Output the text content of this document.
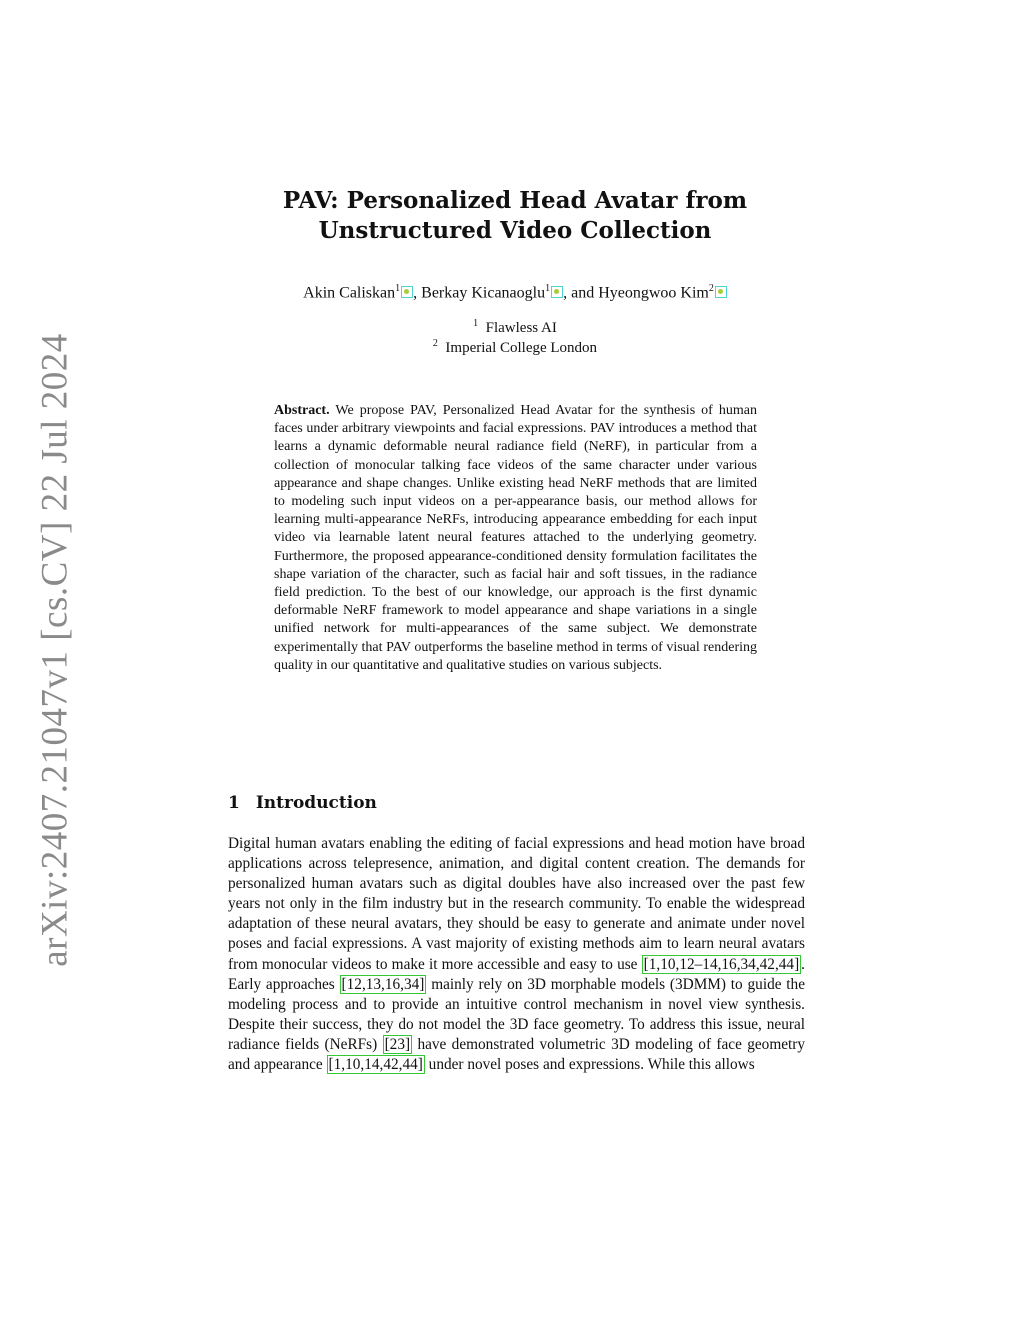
arXiv:2407.21047v1 [cs.CV] 22 Jul 2024
PAV: Personalized Head Avatar from
Unstructured Video Collection
Akin Caliskan$^1$ , Berkay Kicanaoglu$^1$ , and Hyeongwoo Kim$^2$
$^1$ Flawless AI
$^2$ Imperial College London
Abstract. We propose PAV, Personalized Head Avatar for the synthesis of human faces under arbitrary viewpoints and facial expressions. PAV introduces a method that learns a dynamic deformable neural radiance field (NeRF), in particular from a collection of monocular talking face videos of the same character under various appearance and shape changes. Unlike existing head NeRF methods that are limited to modeling such input videos on a per-appearance basis, our method allows for learning multi-appearance NeRFs, introducing appearance embedding for each input video via learnable latent neural features attached to the underlying geometry. Furthermore, the proposed appearance-conditioned density formulation facilitates the shape variation of the character, such as facial hair and soft tissues, in the radiance field prediction. To the best of our knowledge, our approach is the first dynamic deformable NeRF framework to model appearance and shape variations in a single unified network for multi-appearances of the same subject. We demonstrate experimentally that PAV outperforms the baseline method in terms of visual rendering quality in our quantitative and qualitative studies on various subjects.
1 Introduction
Digital human avatars enabling the editing of facial expressions and head motion have broad applications across telepresence, animation, and digital content creation. The demands for personalized human avatars such as digital doubles have also increased over the past few years not only in the film industry but in the research community. To enable the widespread adaptation of these neural avatars, they should be easy to generate and animate under novel poses and facial expressions. A vast majority of existing methods aim to learn neural avatars from monocular videos to make it more accessible and easy to use [1,10,12–14,16,34,42,44] . Early approaches [12,13,16,34] mainly rely on 3D morphable models (3DMM) to guide the modeling process and to provide an intuitive control mechanism in novel view synthesis. Despite their success, they do not model the 3D face geometry. To address this issue, neural radiance fields (NeRFs) [23] have demonstrated volumetric 3D modeling of face geometry and appearance [1,10,14,42,44] under novel poses and expressions. While this allows
